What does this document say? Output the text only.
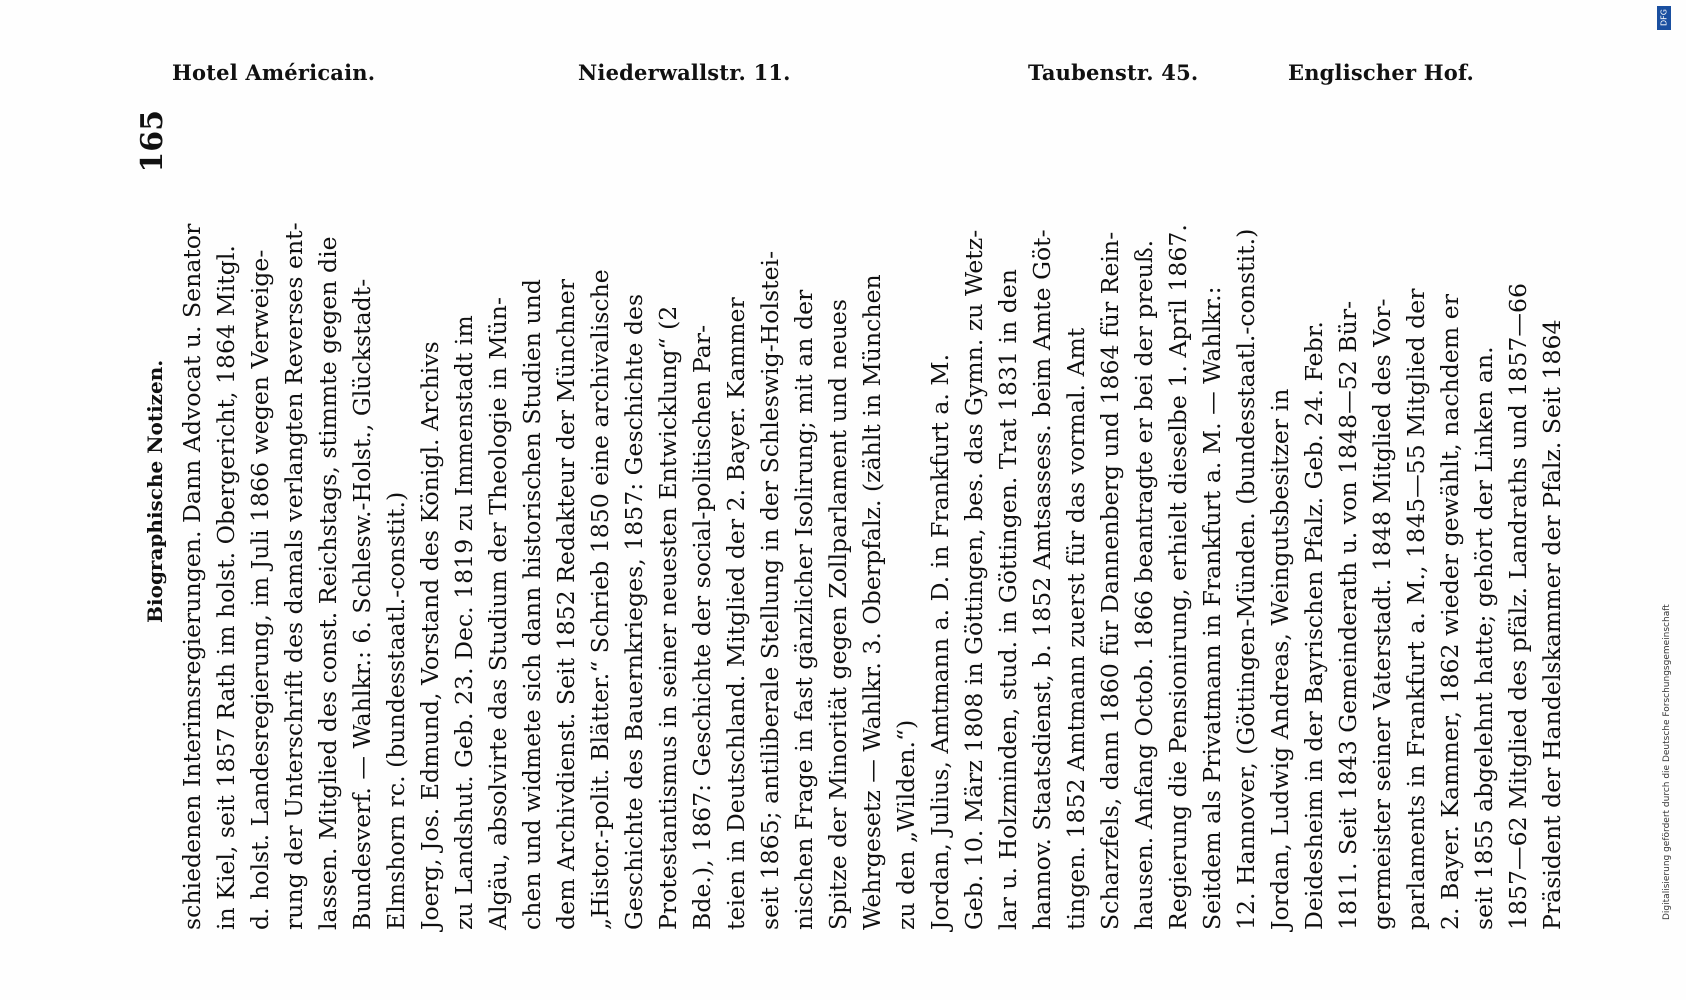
Hotel Américain.	Niederwallstr. 11.	Taubenstr. 45.	Englischer Hof.
Biographische Notizen.
165
schiedenen Interimsregierungen. Dann Advocat u. Senator in Kiel, seit 1857 Rath im holst. Obergericht, 1864 Mitgl. d. holst. Landesregierung, im Juli 1866 wegen Verweige- rung der Unterschrift des damals verlangten Reverses ent- lassen. Mitglied des const. Reichstags, stimmte gegen die Bundesverf. — Wahlkr.: 6. Schlesw.-Holst., Glückstadt- Elmshorn rc. (bundesstaatl.-constit.) Joerg, Jos. Edmund, Vorstand des Königl. Archivs zu Landshut. Geb. 23. Dec. 1819 zu Immenstadt im Algäu, absolvirte das Studium der Theologie in Mün- chen und widmete sich dann historischen Studien und dem Archivdienst. Seit 1852 Redakteur der Münchner „Histor.-polit. Blätter.“ Schrieb 1850 eine archivalische Geschichte des Bauernkrieges, 1857: Geschichte des Protestantismus in seiner neuesten Entwicklung“ (2 Bde.), 1867: Geschichte der social-politischen Par- teien in Deutschland. Mitglied der 2. Bayer. Kammer seit 1865; antiliberale Stellung in der Schleswig-Holstei- nischen Frage in fast gänzlicher Isolirung; mit an der Spitze der Minorität gegen Zollparlament und neues Wehrgesetz — Wahlkr. 3. Oberpfalz. (zählt in München zu den „Wilden.“) Jordan, Julius, Amtmann a. D. in Frankfurt a. M. Geb. 10. März 1808 in Göttingen, bes. das Gymn. zu Wetz- lar u. Holzminden, stud. in Göttingen. Trat 1831 in den hannov. Staatsdienst, b. 1852 Amtsassess. beim Amte Göt- tingen. 1852 Amtmann zuerst für das vormal. Amt Scharzfels, dann 1860 für Dannenberg und 1864 für Rein- hausen. Anfang Octob. 1866 beantragte er bei der preuß. Regierung die Pensionirung, erhielt dieselbe 1. April 1867. Seitdem als Privatmann in Frankfurt a. M. — Wahlkr.: 12. Hannover, (Göttingen-Münden. (bundesstaatl.-constit.) Jordan, Ludwig Andreas, Weingutsbesitzer in Deidesheim in der Bayrischen Pfalz. Geb. 24. Febr. 1811. Seit 1843 Gemeinderath u. von 1848—52 Bür- germeister seiner Vaterstadt. 1848 Mitglied des Vor- parlaments in Frankfurt a. M., 1845—55 Mitglied der 2. Bayer. Kammer, 1862 wieder gewählt, nachdem er seit 1855 abgelehnt hatte; gehört der Linken an. 1857—62 Mitglied des pfälz. Landraths und 1857—66 Präsident der Handelskammer der Pfalz. Seit 1864
DFG
Digitalisierung gefördert durch die Deutsche Forschungsgemeinschaft
